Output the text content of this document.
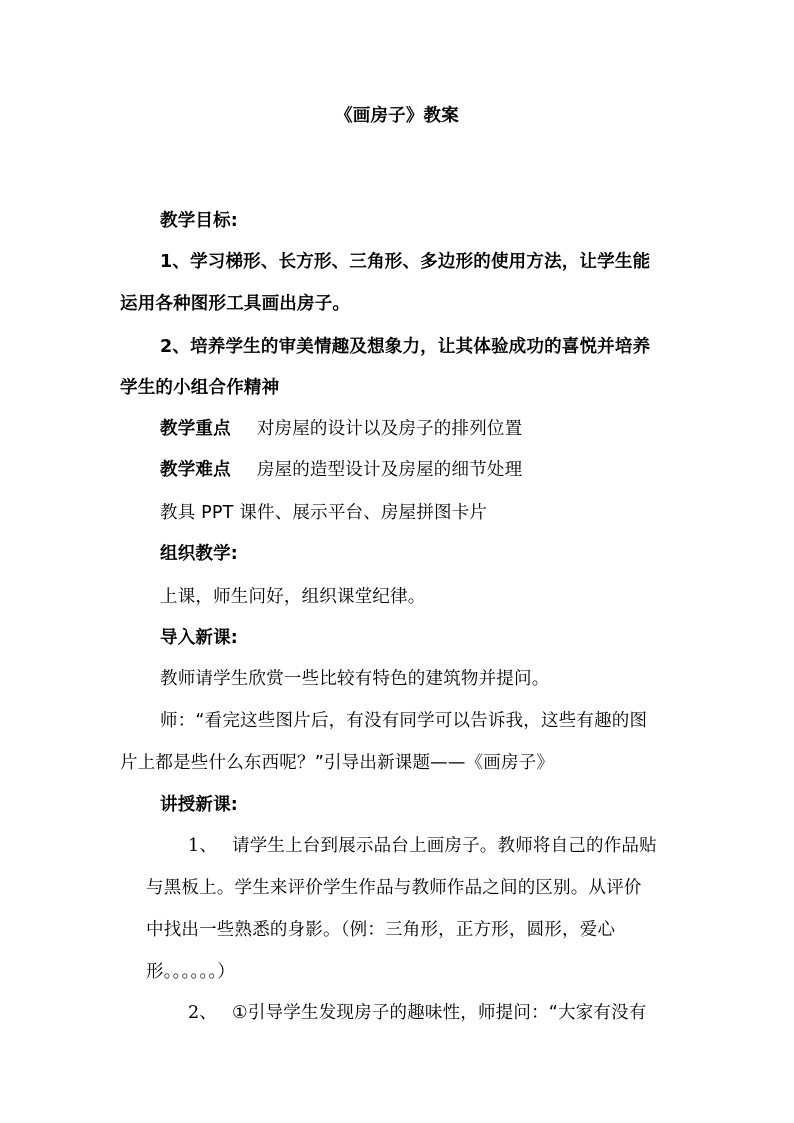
《画房子》教案
教学目标:
1、学习梯形、长方形、三角形、多边形的使用方法，让学生能
运用各种图形工具画出房子。
2、培养学生的审美情趣及想象力，让其体验成功的喜悦并培养
学生的小组合作精神
教学重点 对房屋的设计以及房子的排列位置
教学难点 房屋的造型设计及房屋的细节处理
教具 PPT 课件、展示平台、房屋拼图卡片
组织教学:
上课，师生问好，组织课堂纪律。
导入新课:
教师请学生欣赏一些比较有特色的建筑物并提问。
师：“看完这些图片后，有没有同学可以告诉我，这些有趣的图
片上都是些什么东西呢？”引导出新课题——《画房子》
讲授新课:
1、 请学生上台到展示品台上画房子。教师将自己的作品贴
与黑板上。学生来评价学生作品与教师作品之间的区别。从评价
中找出一些熟悉的身影。（例：三角形，正方形，圆形，爱心
形。。。。。。）
2、 ①引导学生发现房子的趣味性，师提问：“大家有没有
